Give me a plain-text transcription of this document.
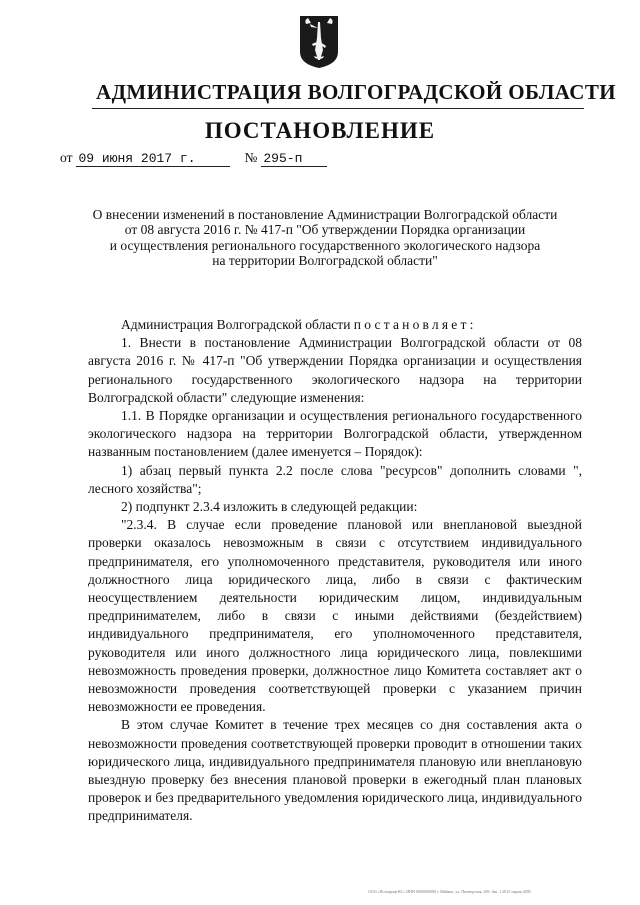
АДМИНИСТРАЦИЯ ВОЛГОГРАДСКОЙ ОБЛАСТИ
ПОСТАНОВЛЕНИЕ
от 09 июня 2017 г.	№ 295-п
О внесении изменений в постановление Администрации Волгоградской области
от 08 августа 2016 г. № 417-п "Об утверждении Порядка организации
и осуществления регионального государственного экологического надзора
на территории Волгоградской области"

Администрация Волгоградской области постановляет:

1. Внести в постановление Администрации Волгоградской области от 08 августа 2016 г. № 417-п "Об утверждении Порядка организации и осуществления регионального государственного экологического надзора на территории Волгоградской области" следующие изменения:

1.1. В Порядке организации и осуществления регионального государственного экологического надзора на территории Волгоградской области, утвержденном названным постановлением (далее именуется – Порядок):

1) абзац первый пункта 2.2 после слова "ресурсов" дополнить словами ", лесного хозяйства";

2) подпункт 2.3.4 изложить в следующей редакции:

"2.3.4. В случае если проведение плановой или внеплановой выездной проверки оказалось невозможным в связи с отсутствием индивидуального предпринимателя, его уполномоченного представителя, руководителя или иного должностного лица юридического лица, либо в связи с фактическим неосуществлением деятельности юридическим лицом, индивидуальным предпринимателем, либо в связи с иными действиями (бездействием) индивидуального предпринимателя, его уполномоченного представителя, руководителя или иного должностного лица юридического лица, повлекшими невозможность проведения проверки, должностное лицо Комитета составляет акт о невозможности проведения соответствующей проверки с указанием причин невозможности ее проведения.

В этом случае Комитет в течение трех месяцев со дня составления акта о невозможности проведения соответствующей проверки проводит в отношении таких юридического лица, индивидуального предпринимателя плановую или внеплановую выездную проверку без внесения плановой проверки в ежегодный план плановых проверок и без предварительного уведомления юридического лица, индивидуального предпринимателя.

ООО «Полиграф-КС» ИНН 0000000000 г. Майкоп, ул. Пионерская, 269. Зак. 1 2015 тираж 4000
